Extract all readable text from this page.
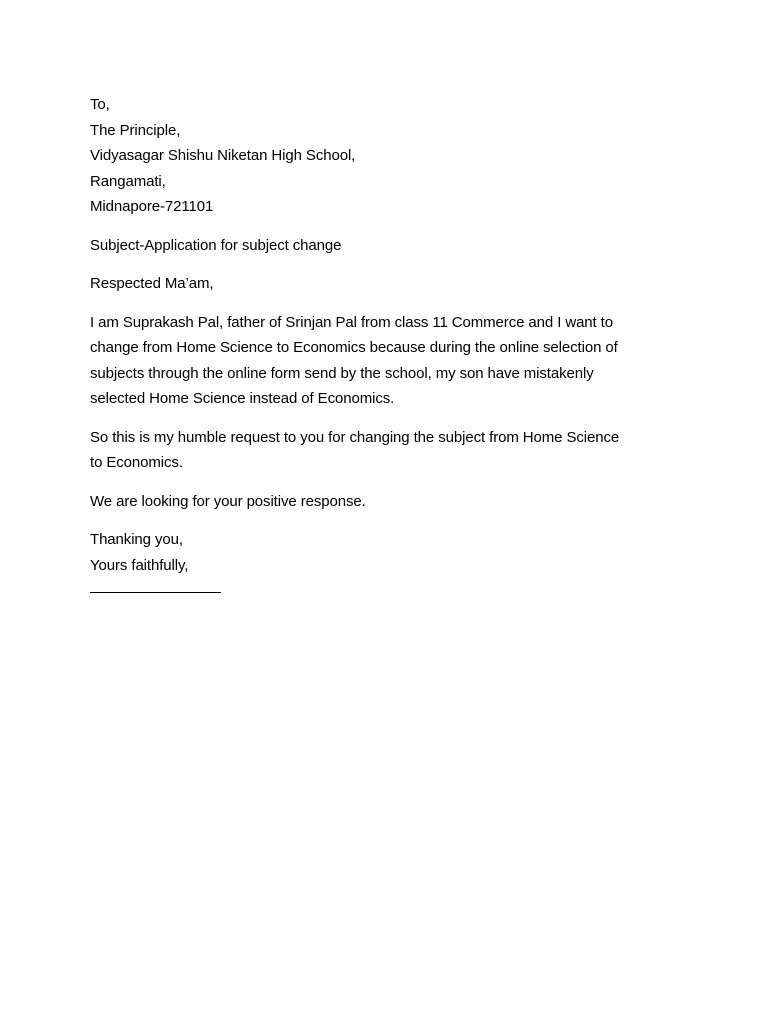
To,
The Principle,
Vidyasagar Shishu Niketan High School,
Rangamati,
Midnapore-721101
Subject-Application for subject change
Respected Ma’am,
I am Suprakash Pal, father of Srinjan Pal from class 11 Commerce and I want to
change from Home Science to Economics because during the online selection of
subjects through the online form send by the school, my son have mistakenly
selected Home Science instead of Economics.
So this is my humble request to you for changing the subject from Home Science
to Economics.
We are looking for your positive response.
Thanking you,
Yours faithfully,
